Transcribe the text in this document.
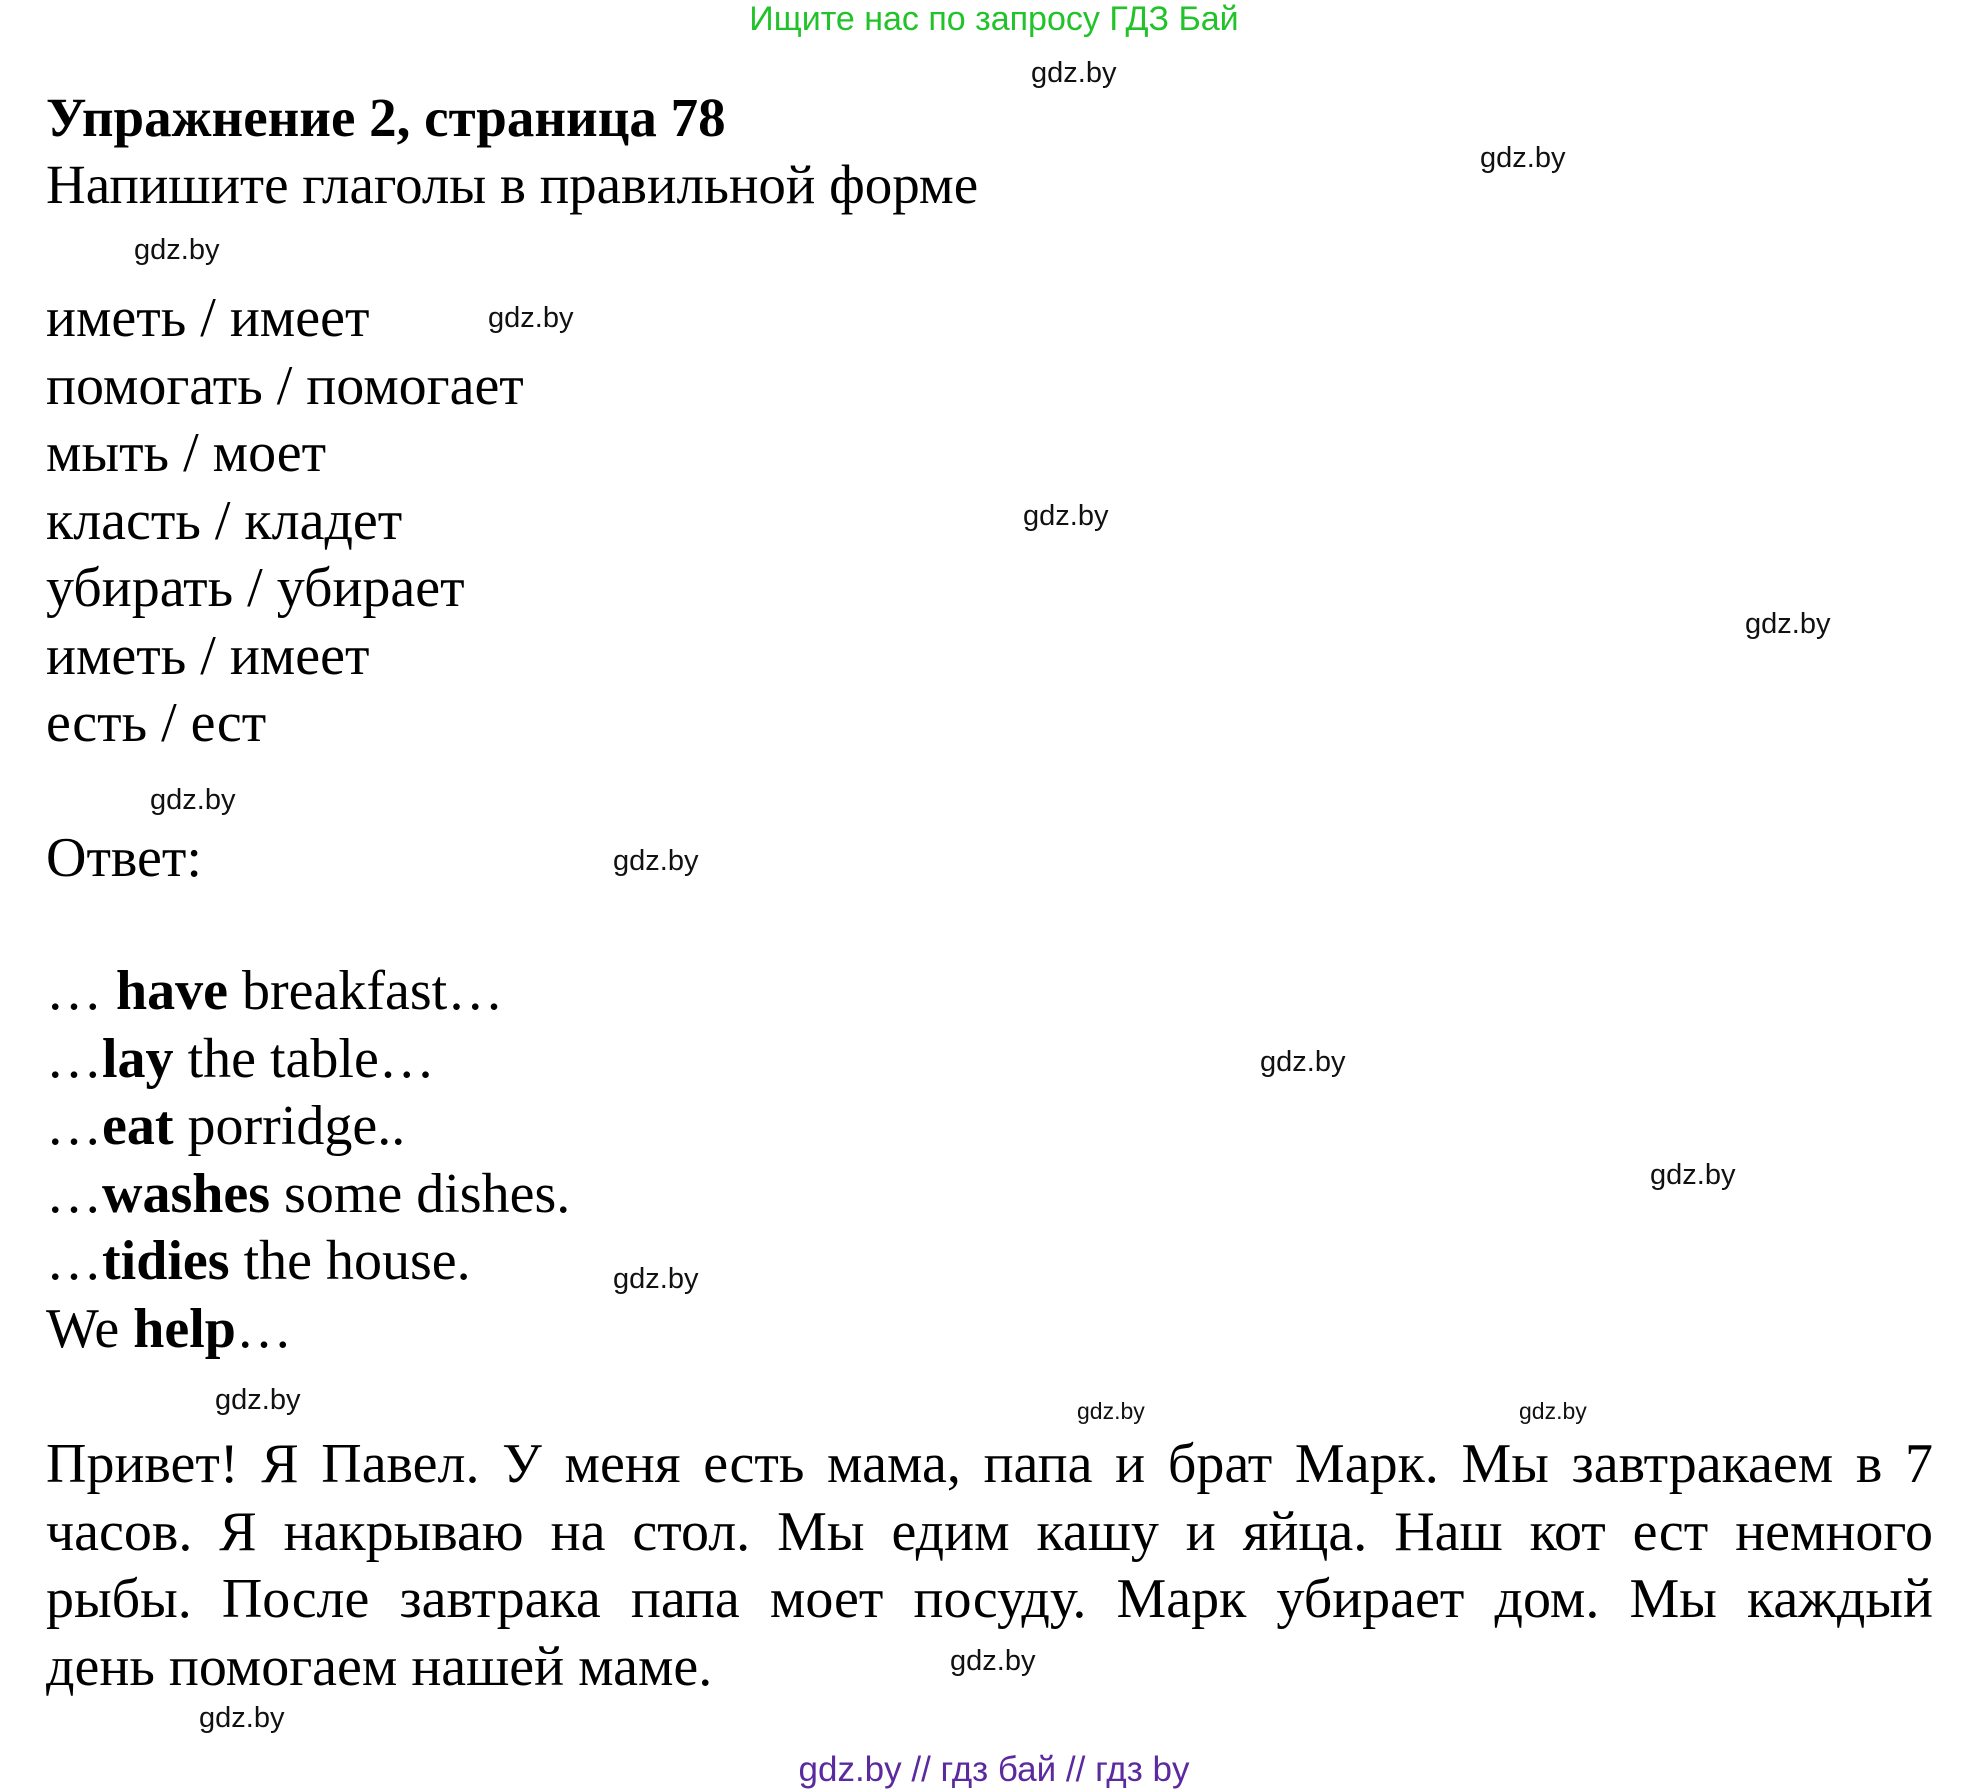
Ищите нас по запросу ГДЗ Бай
Упражнение 2, страница 78
Напишите глаголы в правильной форме
иметь / имеет
помогать / помогает
мыть / моет
класть / кладет
убирать / убирает
иметь / имеет
есть / ест
Ответ:
… have breakfast…
…lay the table…
…eat porridge..
…washes some dishes.
…tidies the house.
We help…
Привет! Я Павел. У меня есть мама, папа и брат Марк. Мы завтракаем в 7
часов. Я накрываю на стол. Мы едим кашу и яйца. Наш кот ест немного
рыбы. После завтрака папа моет посуду. Марк убирает дом. Мы каждый
день помогаем нашей маме.
gdz.by
gdz.by
gdz.by
gdz.by
gdz.by
gdz.by
gdz.by
gdz.by
gdz.by
gdz.by
gdz.by
gdz.by	gdz.by	gdz.by
gdz.by
gdz.by
gdz.by // гдз бай // гдз by
